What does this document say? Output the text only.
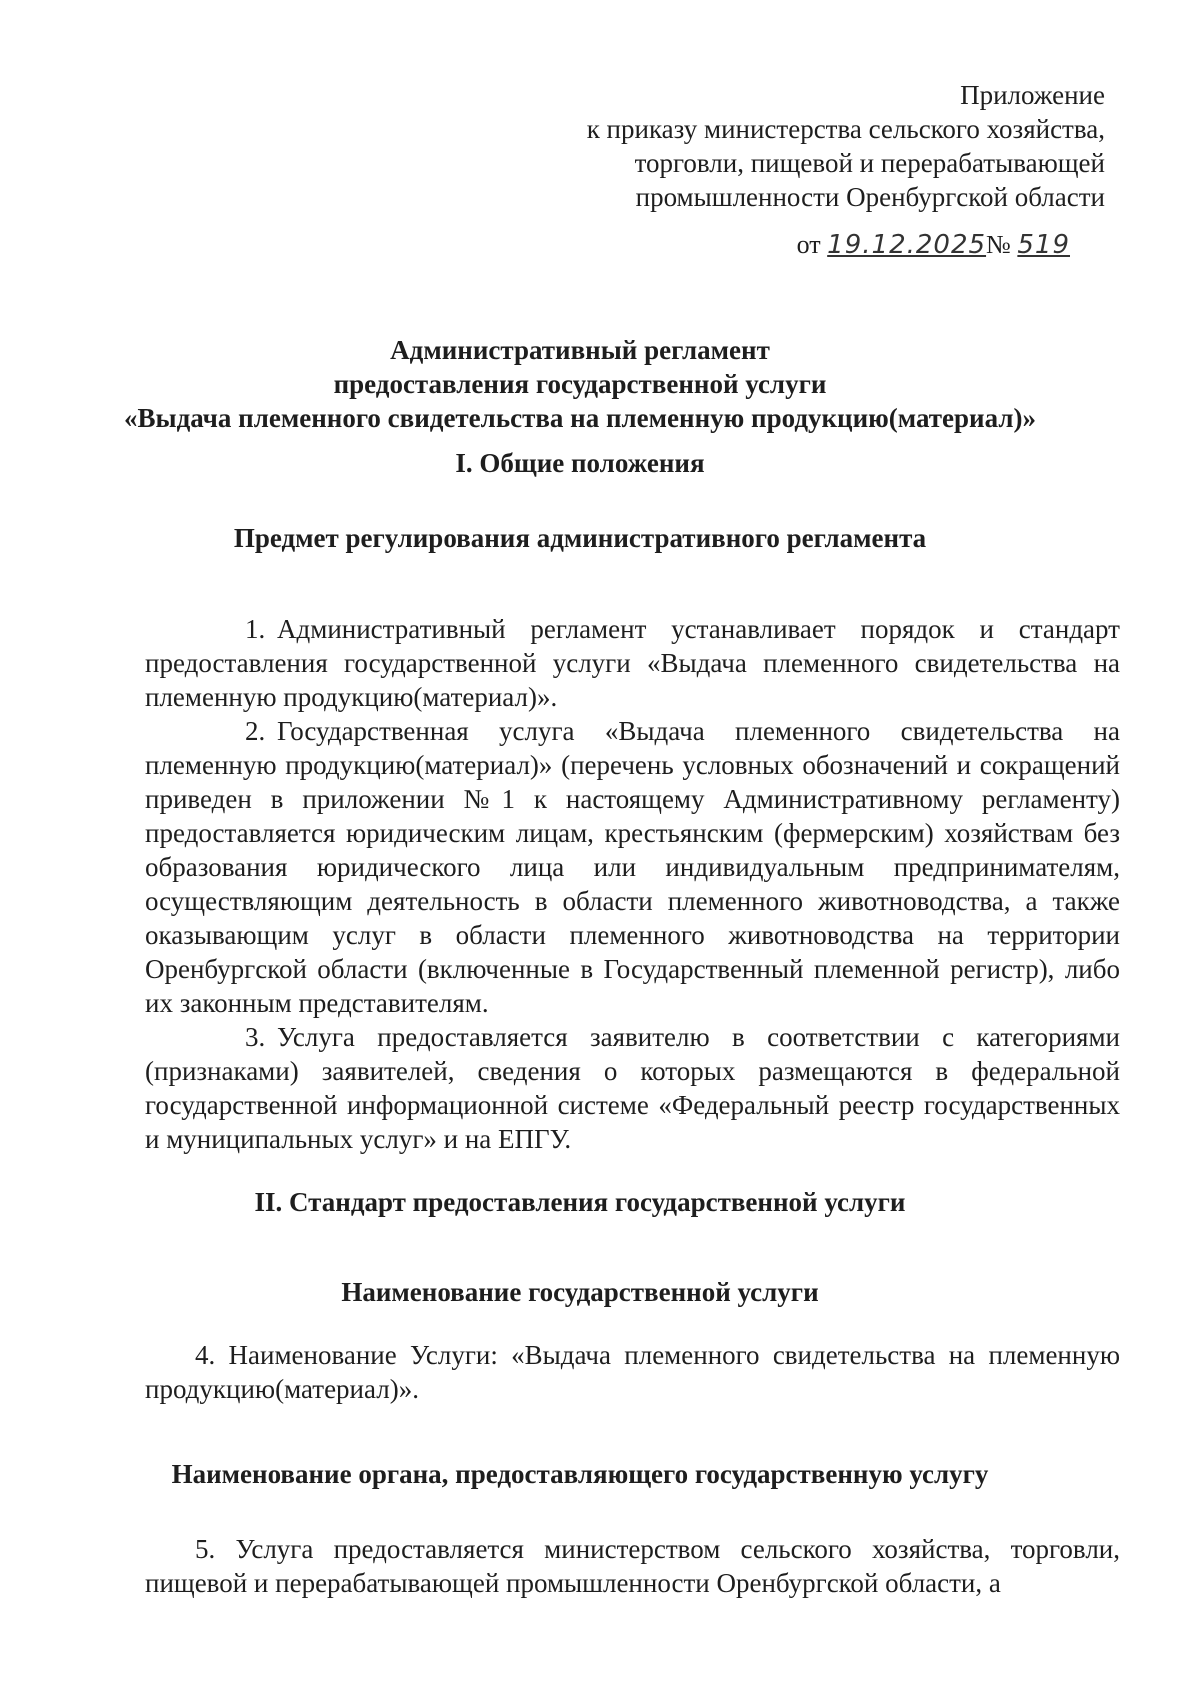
Приложение
к приказу министерства сельского хозяйства,
торговли, пищевой и перерабатывающей
промышленности Оренбургской области
от 19.12.2025№ 519
Административный регламент
предоставления государственной услуги
«Выдача племенного свидетельства на племенную продукцию(материал)»
I. Общие положения
Предмет регулирования административного регламента

1. Административный регламент устанавливает порядок и стандарт предоставления государственной услуги «Выдача племенного свидетельства на племенную продукцию(материал)».

2. Государственная услуга «Выдача племенного свидетельства на племенную продукцию(материал)» (перечень условных обозначений и сокращений приведен в приложении №1 к настоящему Административному регламенту) предоставляется юридическим лицам, крестьянским (фермерским) хозяйствам без образования юридического лица или индивидуальным предпринимателям, осуществляющим деятельность в области племенного животноводства, а также оказывающим услуг в области племенного животноводства на территории Оренбургской области (включенные в Государственный племенной регистр), либо их законным представителям.

3. Услуга предоставляется заявителю в соответствии с категориями (признаками) заявителей, сведения о которых размещаются в федеральной государственной информационной системе «Федеральный реестр государственных и муниципальных услуг» и на ЕПГУ.

II. Стандарт предоставления государственной услуги
Наименование государственной услуги

4. Наименование Услуги: «Выдача племенного свидетельства на племенную продукцию(материал)».

Наименование органа, предоставляющего государственную услугу

5. Услуга предоставляется министерством сельского хозяйства, торговли, пищевой и перерабатывающей промышленности Оренбургской области, а
